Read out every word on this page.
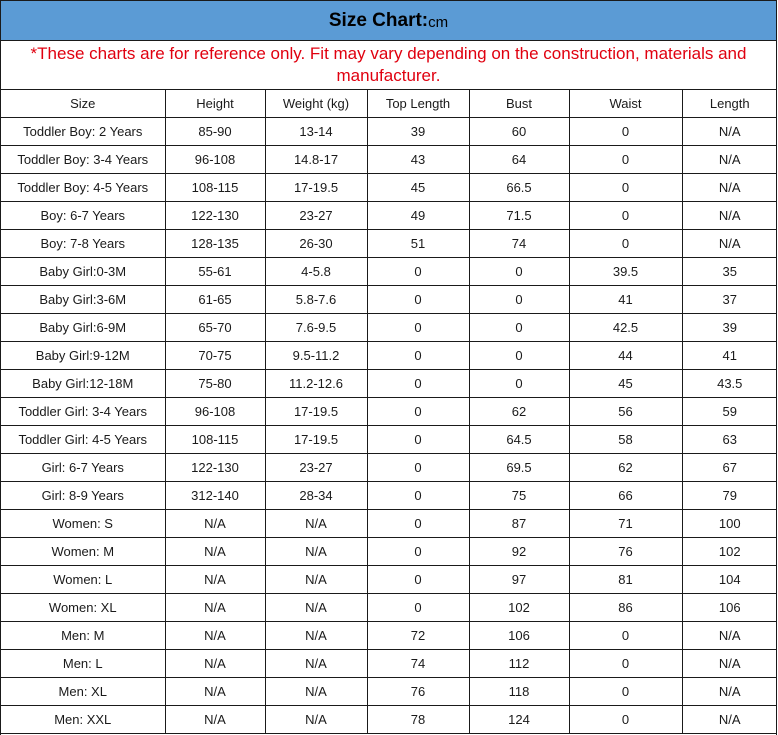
Size Chart: cm
*These charts are for reference only. Fit may vary depending on the construction, materials and manufacturer.
Size	Height	Weight (kg)	Top Length	Bust	Waist	Length
Toddler Boy: 2 Years	85-90	13-14	39	60	0	N/A
Toddler Boy: 3-4 Years	96-108	14.8-17	43	64	0	N/A
Toddler Boy: 4-5 Years	108-115	17-19.5	45	66.5	0	N/A
Boy: 6-7 Years	122-130	23-27	49	71.5	0	N/A
Boy: 7-8 Years	128-135	26-30	51	74	0	N/A
Baby Girl:0-3M	55-61	4-5.8	0	0	39.5	35
Baby Girl:3-6M	61-65	5.8-7.6	0	0	41	37
Baby Girl:6-9M	65-70	7.6-9.5	0	0	42.5	39
Baby Girl:9-12M	70-75	9.5-11.2	0	0	44	41
Baby Girl:12-18M	75-80	11.2-12.6	0	0	45	43.5
Toddler Girl: 3-4 Years	96-108	17-19.5	0	62	56	59
Toddler Girl: 4-5 Years	108-115	17-19.5	0	64.5	58	63
Girl: 6-7 Years	122-130	23-27	0	69.5	62	67
Girl: 8-9 Years	312-140	28-34	0	75	66	79
Women: S	N/A	N/A	0	87	71	100
Women: M	N/A	N/A	0	92	76	102
Women: L	N/A	N/A	0	97	81	104
Women: XL	N/A	N/A	0	102	86	106
Men: M	N/A	N/A	72	106	0	N/A
Men: L	N/A	N/A	74	112	0	N/A
Men: XL	N/A	N/A	76	118	0	N/A
Men: XXL	N/A	N/A	78	124	0	N/A
